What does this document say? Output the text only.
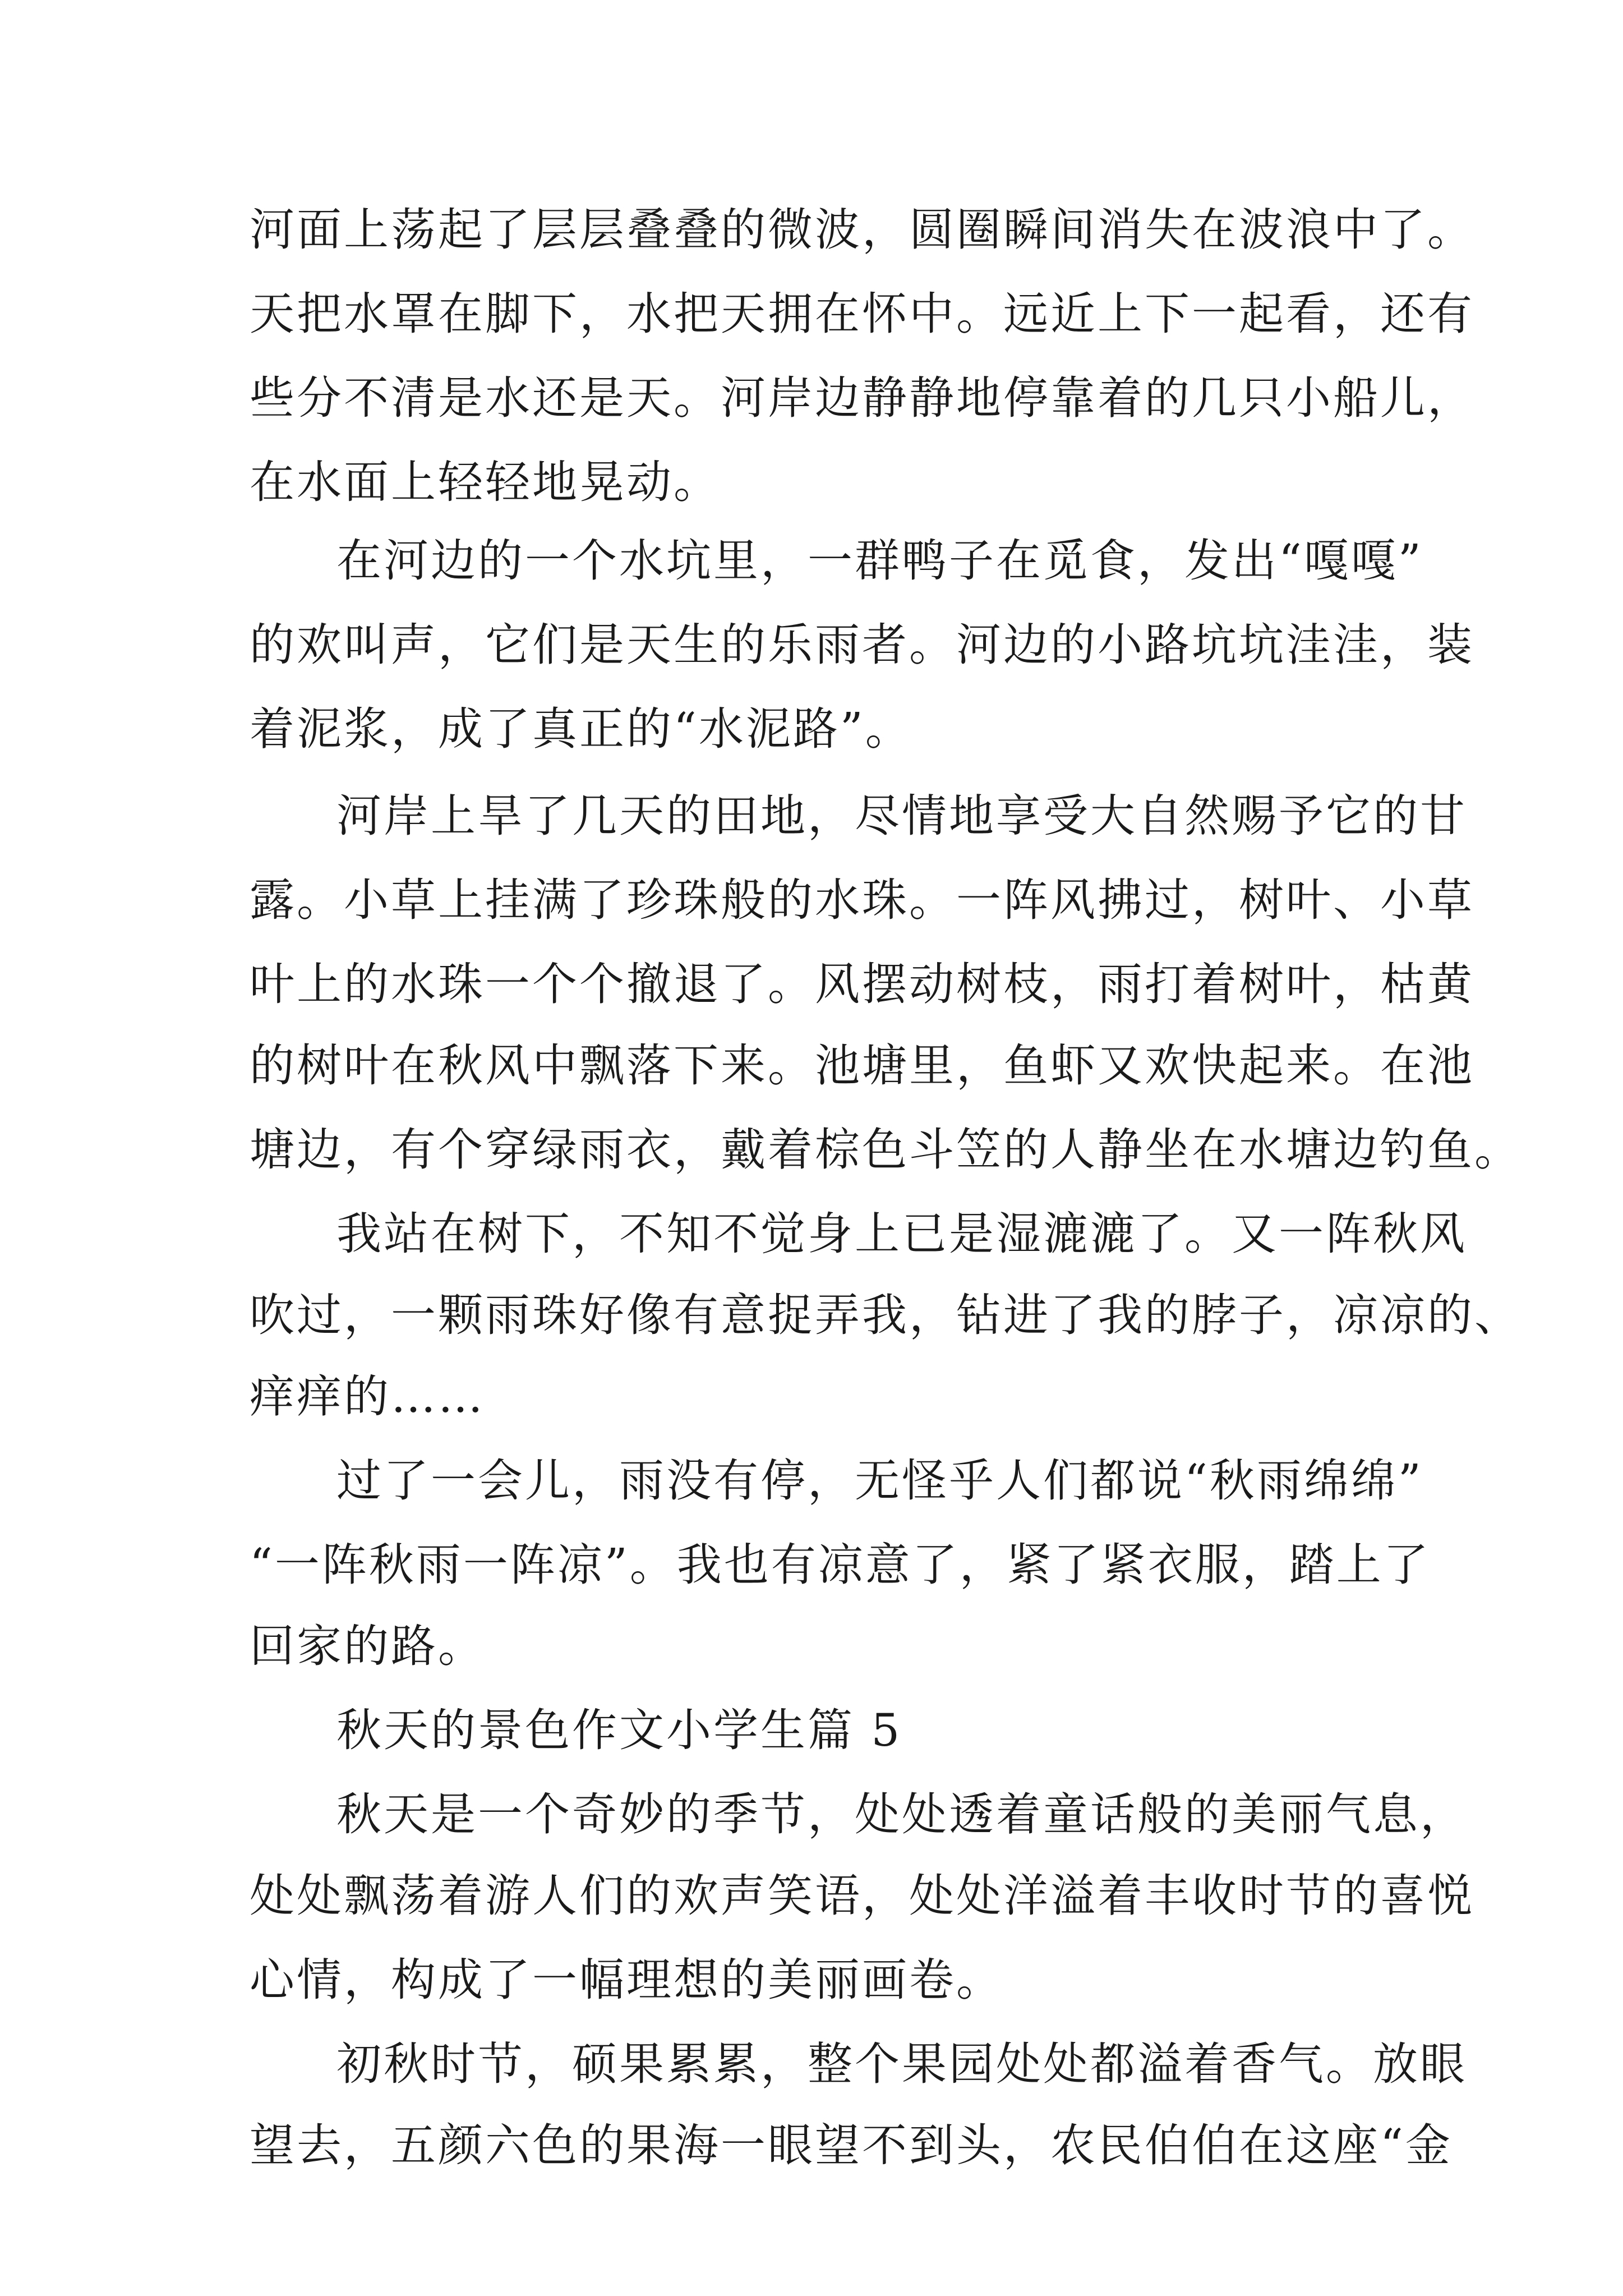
河面上荡起了层层叠叠的微波，圆圈瞬间消失在波浪中了。
天把水罩在脚下，水把天拥在怀中。远近上下一起看，还有
些分不清是水还是天。河岸边静静地停靠着的几只小船儿，
在水面上轻轻地晃动。
在河边的一个水坑里，一群鸭子在觅食，发出“嘎嘎”
的欢叫声，它们是天生的乐雨者。河边的小路坑坑洼洼，装
着泥浆，成了真正的“水泥路”。
河岸上旱了几天的田地，尽情地享受大自然赐予它的甘
露。小草上挂满了珍珠般的水珠。一阵风拂过，树叶、小草
叶上的水珠一个个撤退了。风摆动树枝，雨打着树叶，枯黄
的树叶在秋风中飘落下来。池塘里，鱼虾又欢快起来。在池
塘边，有个穿绿雨衣，戴着棕色斗笠的人静坐在水塘边钓鱼。
我站在树下，不知不觉身上已是湿漉漉了。又一阵秋风
吹过，一颗雨珠好像有意捉弄我，钻进了我的脖子，凉凉的、
痒痒的……
过了一会儿，雨没有停，无怪乎人们都说“秋雨绵绵”
“一阵秋雨一阵凉”。我也有凉意了，紧了紧衣服，踏上了
回家的路。
秋天的景色作文小学生篇 5
秋天是一个奇妙的季节，处处透着童话般的美丽气息，
处处飘荡着游人们的欢声笑语，处处洋溢着丰收时节的喜悦
心情，构成了一幅理想的美丽画卷。
初秋时节，硕果累累，整个果园处处都溢着香气。放眼
望去，五颜六色的果海一眼望不到头，农民伯伯在这座“金
